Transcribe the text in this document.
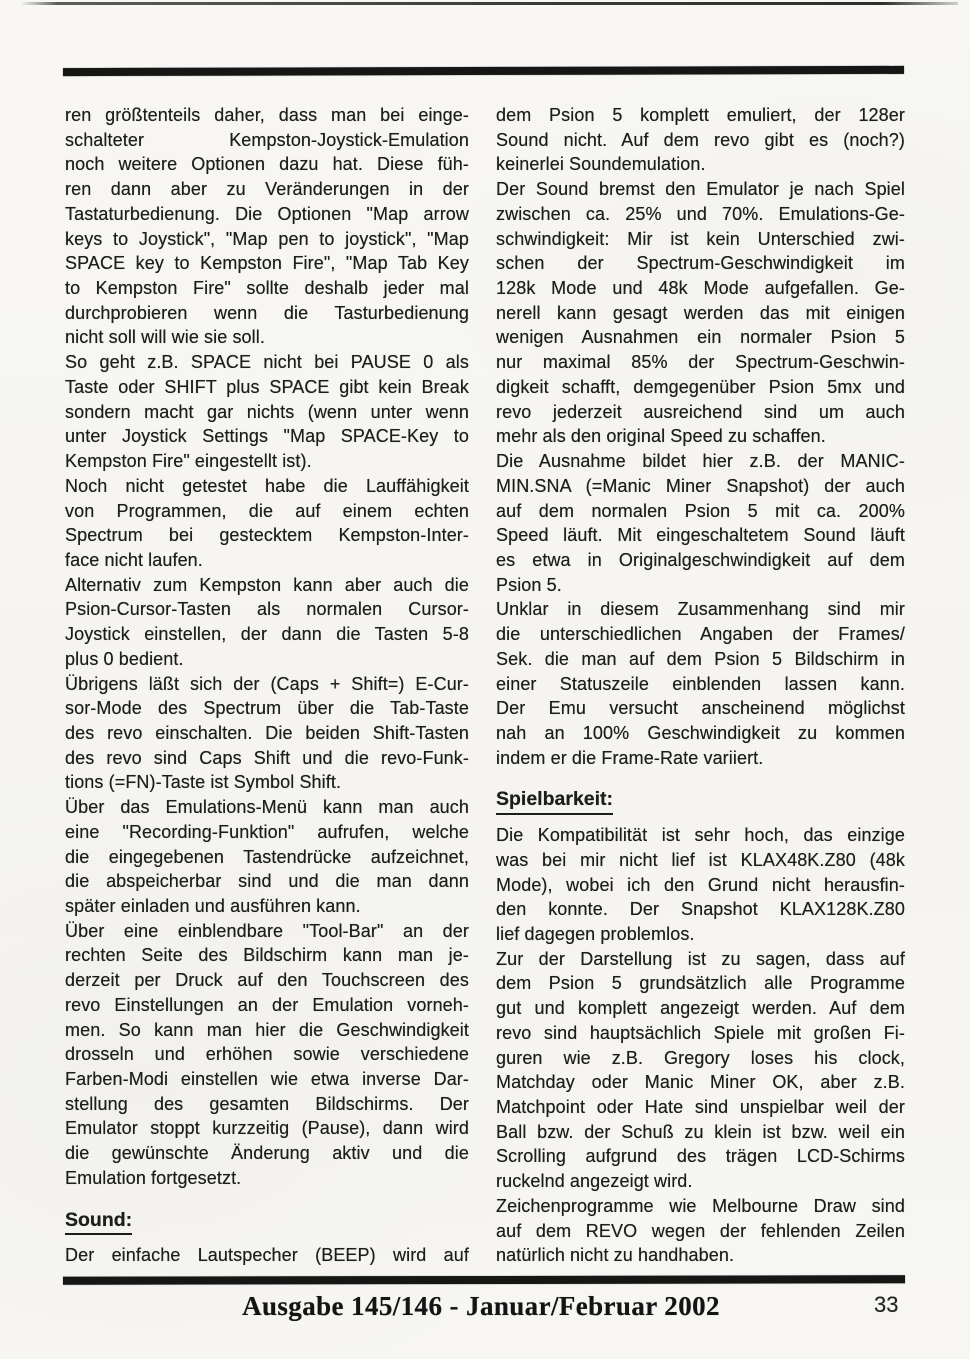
ren größtenteils daher, dass man bei einge-
schalteter Kempston-Joystick-Emulation
noch weitere Optionen dazu hat. Diese füh-
ren dann aber zu Veränderungen in der
Tastaturbedienung. Die Optionen "Map arrow
keys to Joystick", "Map pen to joystick", "Map
SPACE key to Kempston Fire", "Map Tab Key
to Kempston Fire" sollte deshalb jeder mal
durchprobieren wenn die Tasturbedienung
nicht soll will wie sie soll.
So geht z.B. SPACE nicht bei PAUSE 0 als
Taste oder SHIFT plus SPACE gibt kein Break
sondern macht gar nichts (wenn unter wenn
unter Joystick Settings "Map SPACE-Key to
Kempston Fire" eingestellt ist).
Noch nicht getestet habe die Lauffähigkeit
von Programmen, die auf einem echten
Spectrum bei gestecktem Kempston-Inter-
face nicht laufen.
Alternativ zum Kempston kann aber auch die
Psion-Cursor-Tasten als normalen Cursor-
Joystick einstellen, der dann die Tasten 5-8
plus 0 bedient.
Übrigens läßt sich der (Caps + Shift=) E-Cur-
sor-Mode des Spectrum über die Tab-Taste
des revo einschalten. Die beiden Shift-Tasten
des revo sind Caps Shift und die revo-Funk-
tions (=FN)-Taste ist Symbol Shift.
Über das Emulations-Menü kann man auch
eine "Recording-Funktion" aufrufen, welche
die eingegebenen Tastendrücke aufzeichnet,
die abspeicherbar sind und die man dann
später einladen und ausführen kann.
Über eine einblendbare "Tool-Bar" an der
rechten Seite des Bildschirm kann man je-
derzeit per Druck auf den Touchscreen des
revo Einstellungen an der Emulation vorneh-
men. So kann man hier die Geschwindigkeit
drosseln und erhöhen sowie verschiedene
Farben-Modi einstellen wie etwa inverse Dar-
stellung des gesamten Bildschirms. Der
Emulator stoppt kurzzeitig (Pause), dann wird
die gewünschte Änderung aktiv und die
Emulation fortgesetzt.
Sound:
Der einfache Lautspecher (BEEP) wird auf
dem Psion 5 komplett emuliert, der 128er
Sound nicht. Auf dem revo gibt es (noch?)
keinerlei Soundemulation.
Der Sound bremst den Emulator je nach Spiel
zwischen ca. 25% und 70%. Emulations-Ge-
schwindigkeit: Mir ist kein Unterschied zwi-
schen der Spectrum-Geschwindigkeit im
128k Mode und 48k Mode aufgefallen. Ge-
nerell kann gesagt werden das mit einigen
wenigen Ausnahmen ein normaler Psion 5
nur maximal 85% der Spectrum-Geschwin-
digkeit schafft, demgegenüber Psion 5mx und
revo jederzeit ausreichend sind um auch
mehr als den original Speed zu schaffen.
Die Ausnahme bildet hier z.B. der MANIC-
MIN.SNA (=Manic Miner Snapshot) der auch
auf dem normalen Psion 5 mit ca. 200%
Speed läuft. Mit eingeschaltetem Sound läuft
es etwa in Originalgeschwindigkeit auf dem
Psion 5.
Unklar in diesem Zusammenhang sind mir
die unterschiedlichen Angaben der Frames/
Sek. die man auf dem Psion 5 Bildschirm in
einer Statuszeile einblenden lassen kann.
Der Emu versucht anscheinend möglichst
nah an 100% Geschwindigkeit zu kommen
indem er die Frame-Rate variiert.
Spielbarkeit:
Die Kompatibilität ist sehr hoch, das einzige
was bei mir nicht lief ist KLAX48K.Z80 (48k
Mode), wobei ich den Grund nicht herausfin-
den konnte. Der Snapshot KLAX128K.Z80
lief dagegen problemlos.
Zur der Darstellung ist zu sagen, dass auf
dem Psion 5 grundsätzlich alle Programme
gut und komplett angezeigt werden. Auf dem
revo sind hauptsächlich Spiele mit großen Fi-
guren wie z.B. Gregory loses his clock,
Matchday oder Manic Miner OK, aber z.B.
Matchpoint oder Hate sind unspielbar weil der
Ball bzw. der Schuß zu klein ist bzw. weil ein
Scrolling aufgrund des trägen LCD-Schirms
ruckelnd angezeigt wird.
Zeichenprogramme wie Melbourne Draw sind
auf dem REVO wegen der fehlenden Zeilen
natürlich nicht zu handhaben.
Ausgabe 145/146 - Januar/Februar 2002	33
